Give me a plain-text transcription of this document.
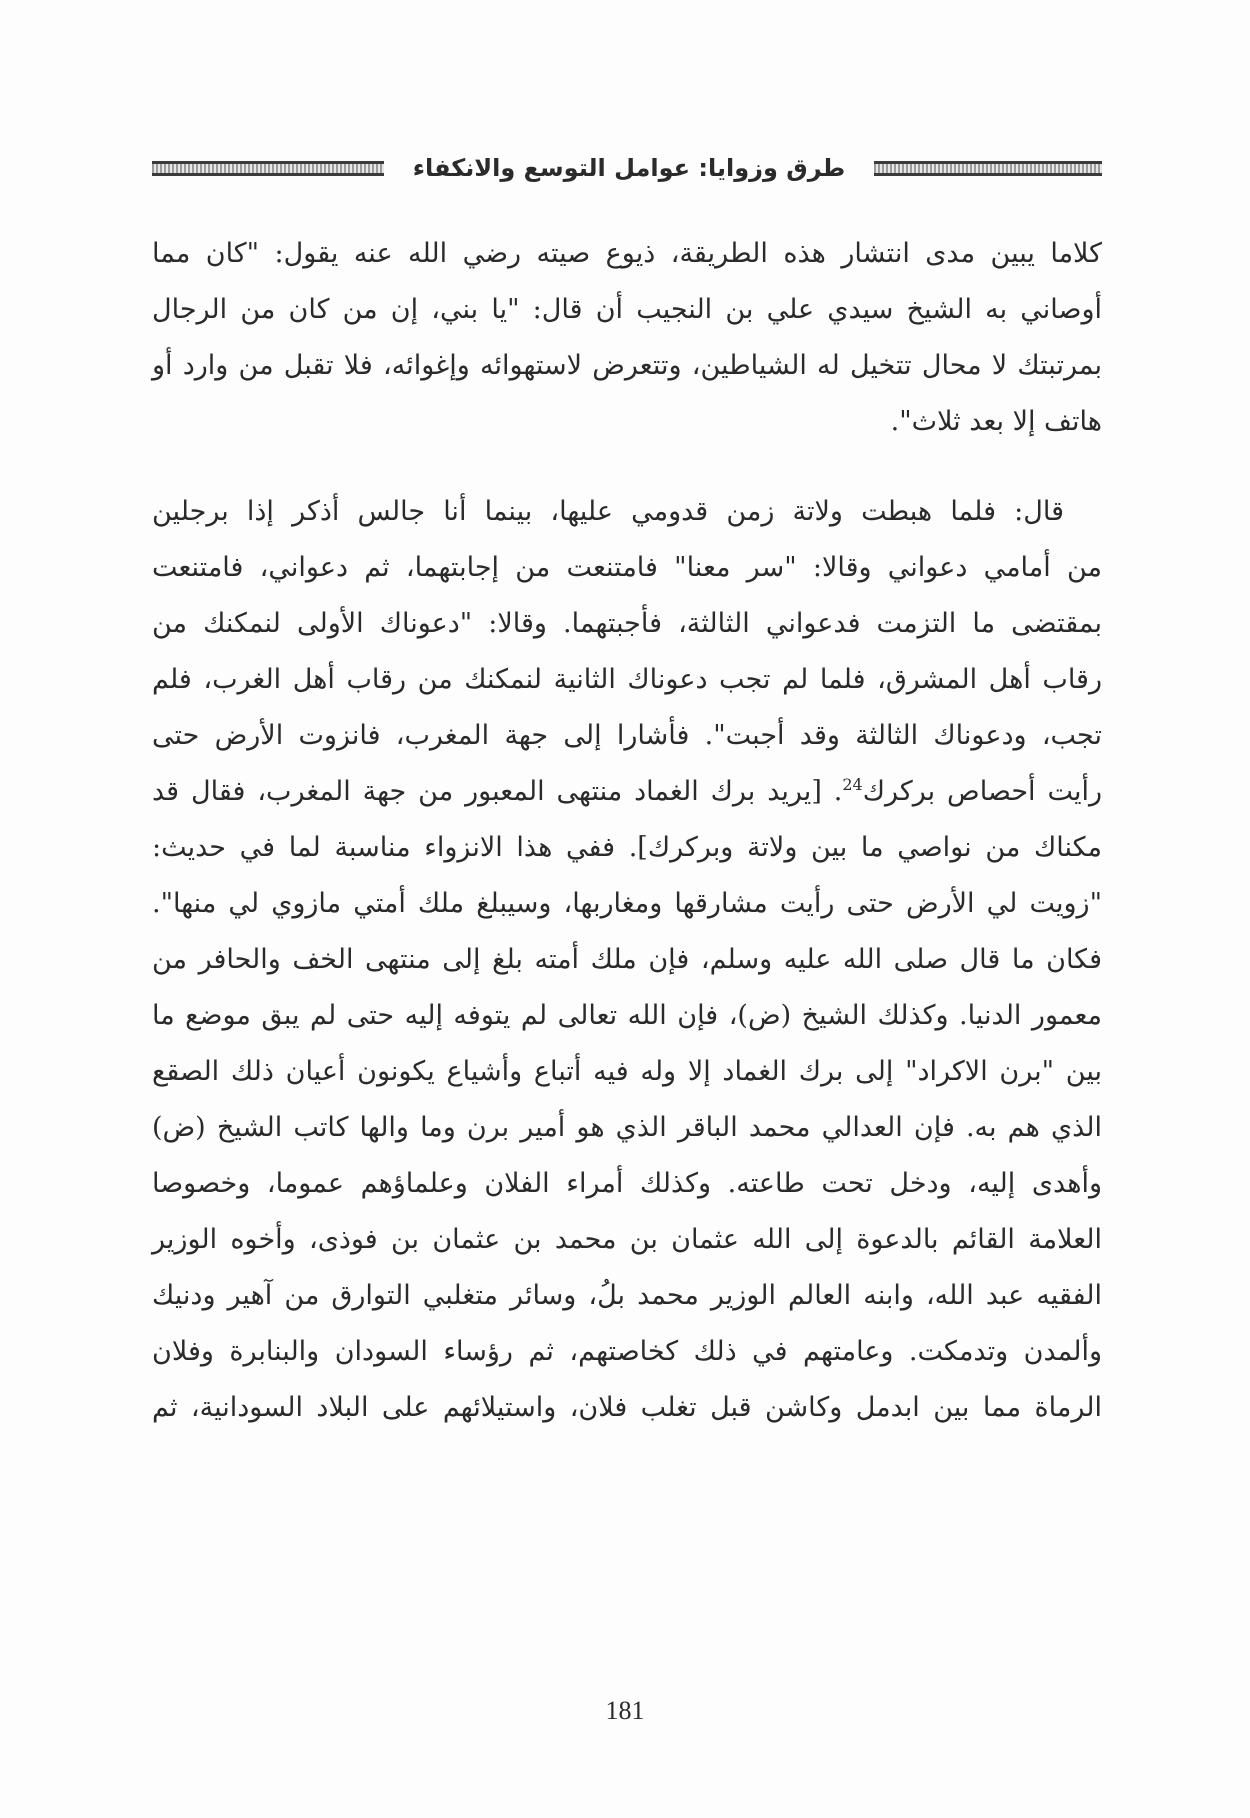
طرق وزوايا: عوامل التوسع والانكفاء
كلاما يبين مدى انتشار هذه الطريقة، ذيوع صيته رضي الله عنه يقول: "كان مما
أوصاني به الشيخ سيدي علي بن النجيب أن قال: "يا بني، إن من كان من الرجال
بمرتبتك لا محال تتخيل له الشياطين، وتتعرض لاستهوائه وإغوائه، فلا تقبل من وارد أو
هاتف إلا بعد ثلاث".
قال: فلما هبطت ولاتة زمن قدومي عليها، بينما أنا جالس أذكر إذا برجلين
من أمامي دعواني وقالا: "سر معنا" فامتنعت من إجابتهما، ثم دعواني، فامتنعت
بمقتضى ما التزمت فدعواني الثالثة، فأجبتهما. وقالا: "دعوناك الأولى لنمكنك من
رقاب أهل المشرق، فلما لم تجب دعوناك الثانية لنمكنك من رقاب أهل الغرب، فلم
تجب، ودعوناك الثالثة وقد أجبت". فأشارا إلى جهة المغرب، فانزوت الأرض حتى
رأيت أحصاص بركرك$^{24}$. [يريد برك الغماد منتهى المعبور من جهة المغرب، فقال قد
مكناك من نواصي ما بين ولاتة وبركرك]. ففي هذا الانزواء مناسبة لما في حديث:
"زويت لي الأرض حتى رأيت مشارقها ومغاربها، وسيبلغ ملك أمتي مازوي لي منها".
فكان ما قال صلى الله عليه وسلم، فإن ملك أمته بلغ إلى منتهى الخف والحافر من
معمور الدنيا. وكذلك الشيخ (ض)، فإن الله تعالى لم يتوفه إليه حتى لم يبق موضع ما
بين "برن الاكراد" إلى برك الغماد إلا وله فيه أتباع وأشياع يكونون أعيان ذلك الصقع
الذي هم به. فإن العدالي محمد الباقر الذي هو أمير برن وما والها كاتب الشيخ (ض)
وأهدى إليه، ودخل تحت طاعته. وكذلك أمراء الفلان وعلماؤهم عموما، وخصوصا
العلامة القائم بالدعوة إلى الله عثمان بن محمد بن عثمان بن فوذى، وأخوه الوزير
الفقيه عبد الله، وابنه العالم الوزير محمد بلُ، وسائر متغلبي التوارق من آهير ودنيك
وألمدن وتدمكت. وعامتهم في ذلك كخاصتهم، ثم رؤساء السودان والبنابرة وفلان
الرماة مما بين ابدمل وكاشن قبل تغلب فلان، واستيلائهم على البلاد السودانية، ثم
181
